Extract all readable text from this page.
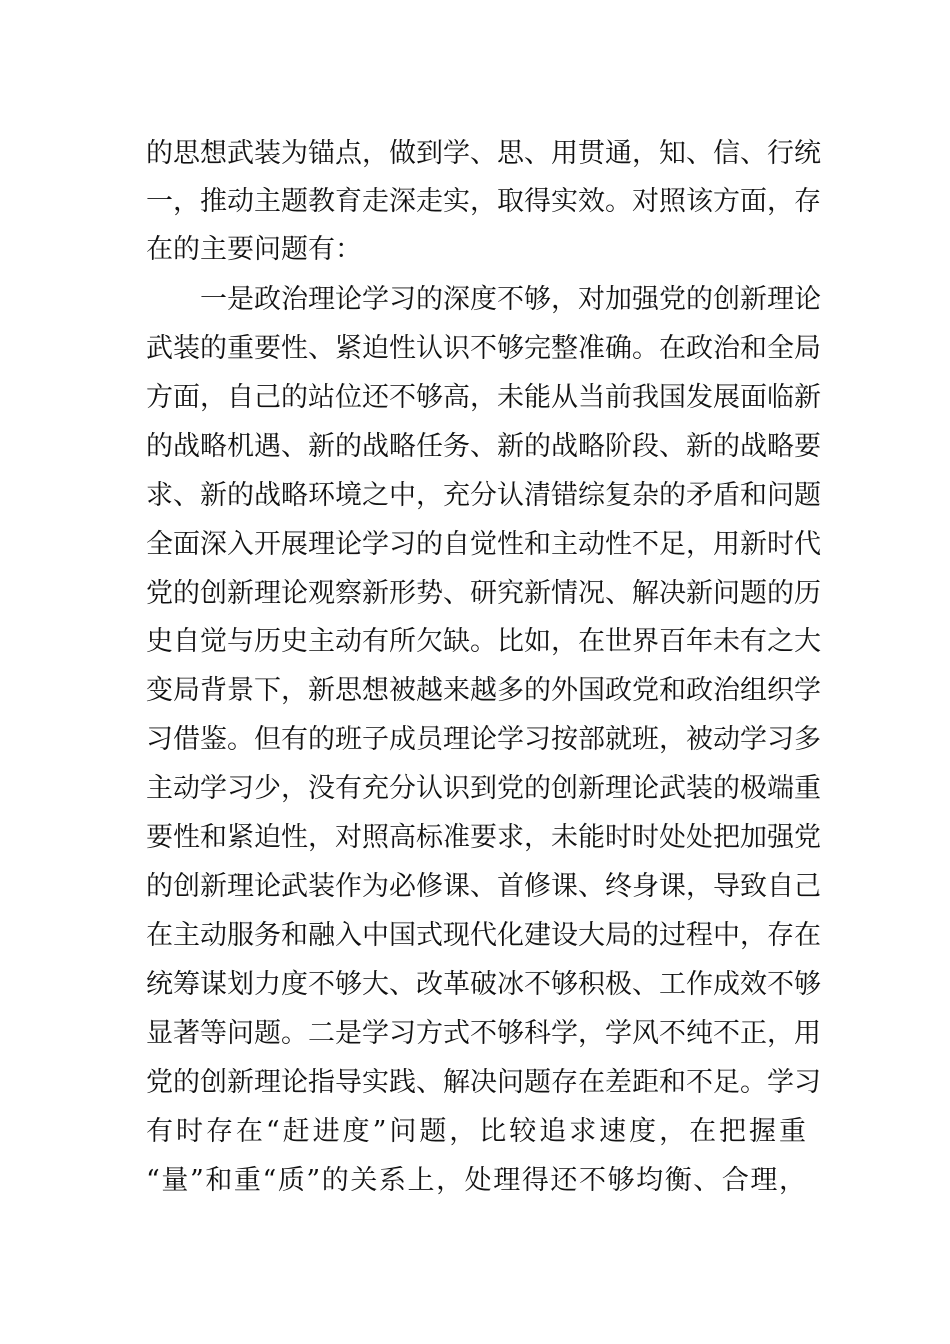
的思想武装为锚点，做到学、思、用贯通，知、信、行统
一，推动主题教育走深走实，取得实效。对照该方面，存
在的主要问题有：
　　一是政治理论学习的深度不够，对加强党的创新理论
武装的重要性、紧迫性认识不够完整准确。在政治和全局
方面，自己的站位还不够高，未能从当前我国发展面临新
的战略机遇、新的战略任务、新的战略阶段、新的战略要
求、新的战略环境之中，充分认清错综复杂的矛盾和问题
全面深入开展理论学习的自觉性和主动性不足，用新时代
党的创新理论观察新形势、研究新情况、解决新问题的历
史自觉与历史主动有所欠缺。比如，在世界百年未有之大
变局背景下，新思想被越来越多的外国政党和政治组织学
习借鉴。但有的班子成员理论学习按部就班，被动学习多
主动学习少，没有充分认识到党的创新理论武装的极端重
要性和紧迫性，对照高标准要求，未能时时处处把加强党
的创新理论武装作为必修课、首修课、终身课，导致自己
在主动服务和融入中国式现代化建设大局的过程中，存在
统筹谋划力度不够大、改革破冰不够积极、工作成效不够
显著等问题。二是学习方式不够科学，学风不纯不正，用
党的创新理论指导实践、解决问题存在差距和不足。学习
有时存在“赶进度”问题，比较追求速度，在把握重
“量”和重“质”的关系上，处理得还不够均衡、合理，
